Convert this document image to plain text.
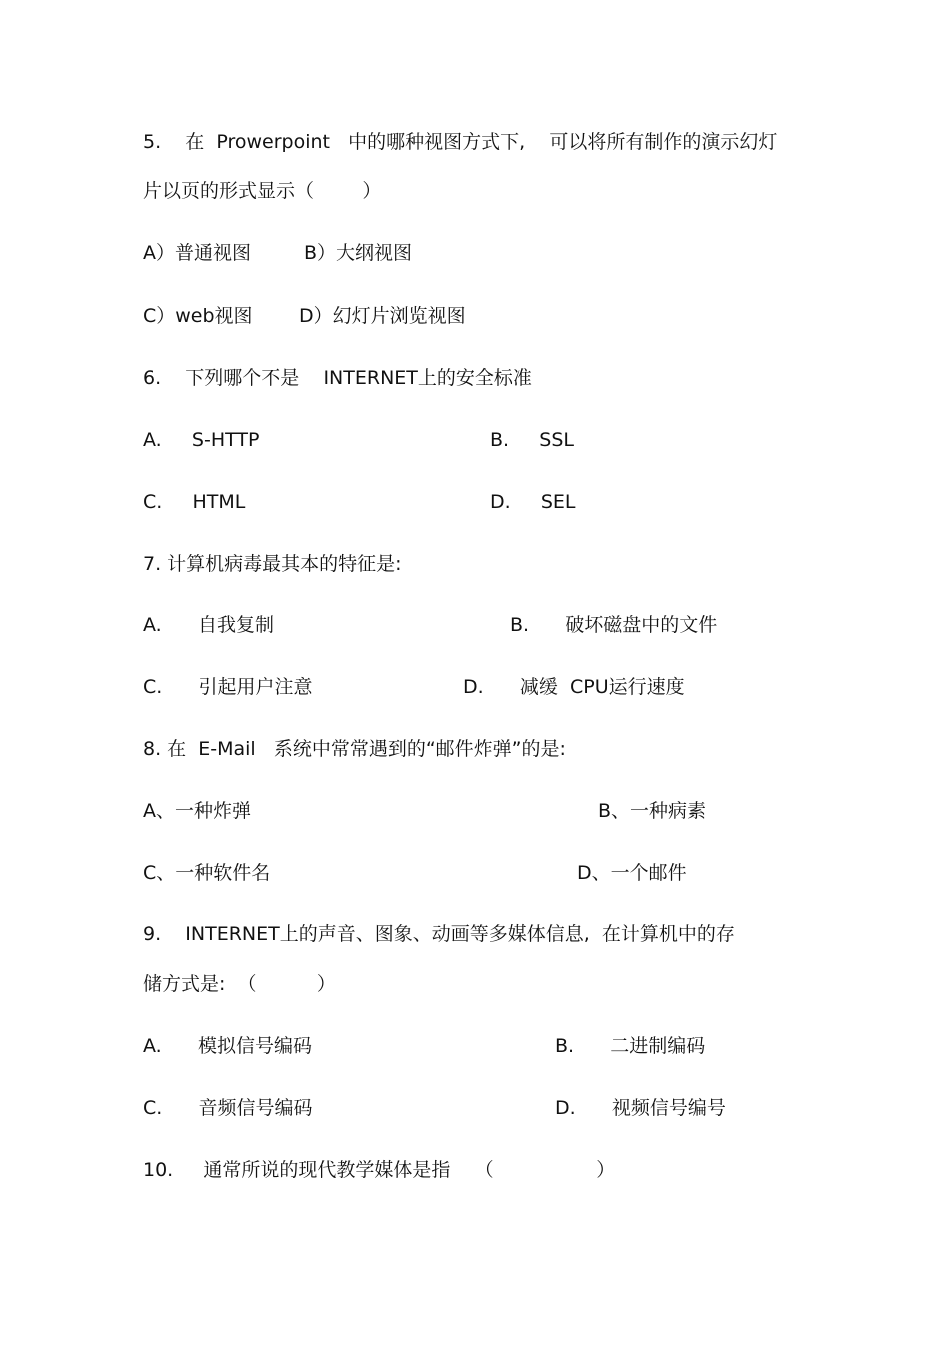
5.    在  Prowerpoint   中的哪种视图方式下,    可以将所有制作的演示幻灯
片以页的形式显示（        ）
A）普通视图	B）大纲视图
C）web视图 D）幻灯片浏览视图
6.    下列哪个不是    INTERNET上的安全标准
A.     S-HTTP	B.     SSL
C.     HTML	D.     SEL
7. 计算机病毒最其本的特征是:
A.      自我复制	B.      破坏磁盘中的文件
C.      引起用户注意	D.      减缓  CPU运行速度
8. 在  E-Mail   系统中常常遇到的“邮件炸弹”的是:
A、一种炸弹	B、一种病素
C、一种软件名	D、一个邮件
9.    INTERNET上的声音、图象、动画等多媒体信息,  在计算机中的存
储方式是:  （          ）
A.      模拟信号编码	B.      二进制编码
C.      音频信号编码	D.      视频信号编号
10.     通常所说的现代教学媒体是指    （                 ）
